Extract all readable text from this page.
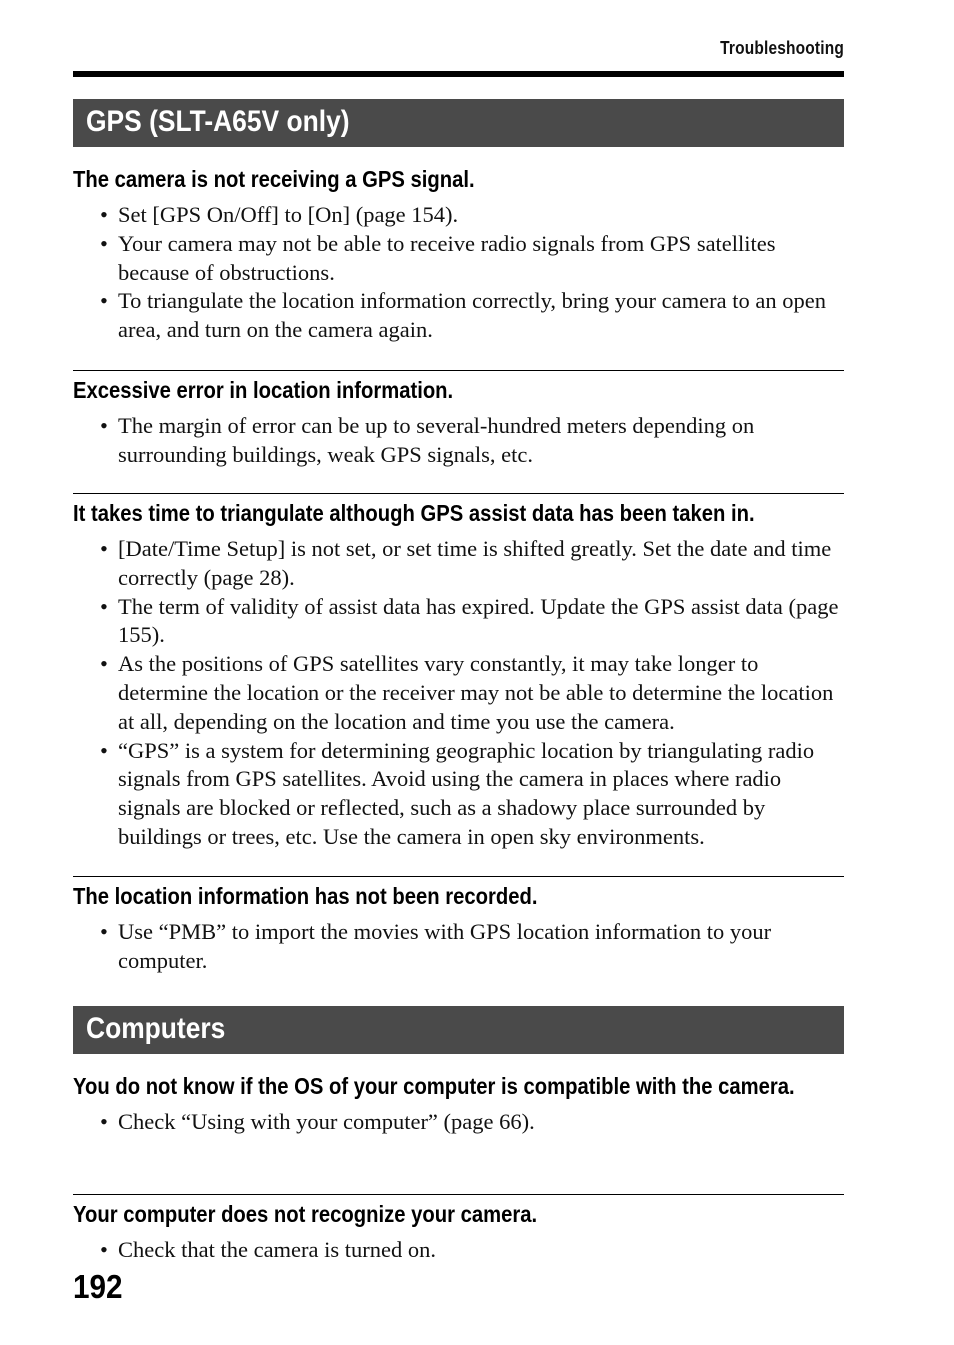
Troubleshooting
GPS (SLT-A65V only)
The camera is not receiving a GPS signal.
• Set [GPS On/Off] to [On] (page 154).
• Your camera may not be able to receive radio signals from GPS satellites because of obstructions.
• To triangulate the location information correctly, bring your camera to an open area, and turn on the camera again.
Excessive error in location information.
• The margin of error can be up to several-hundred meters depending on surrounding buildings, weak GPS signals, etc.
It takes time to triangulate although GPS assist data has been taken in.
• [Date/Time Setup] is not set, or set time is shifted greatly. Set the date and time correctly (page 28).
• The term of validity of assist data has expired. Update the GPS assist data (page 155).
• As the positions of GPS satellites vary constantly, it may take longer to determine the location or the receiver may not be able to determine the location at all, depending on the location and time you use the camera.
• “GPS” is a system for determining geographic location by triangulating radio signals from GPS satellites. Avoid using the camera in places where radio signals are blocked or reflected, such as a shadowy place surrounded by buildings or trees, etc. Use the camera in open sky environments.
The location information has not been recorded.
• Use “PMB” to import the movies with GPS location information to your computer.
Computers
You do not know if the OS of your computer is compatible with the camera.
• Check “Using with your computer” (page 66).
Your computer does not recognize your camera.
• Check that the camera is turned on.
192
